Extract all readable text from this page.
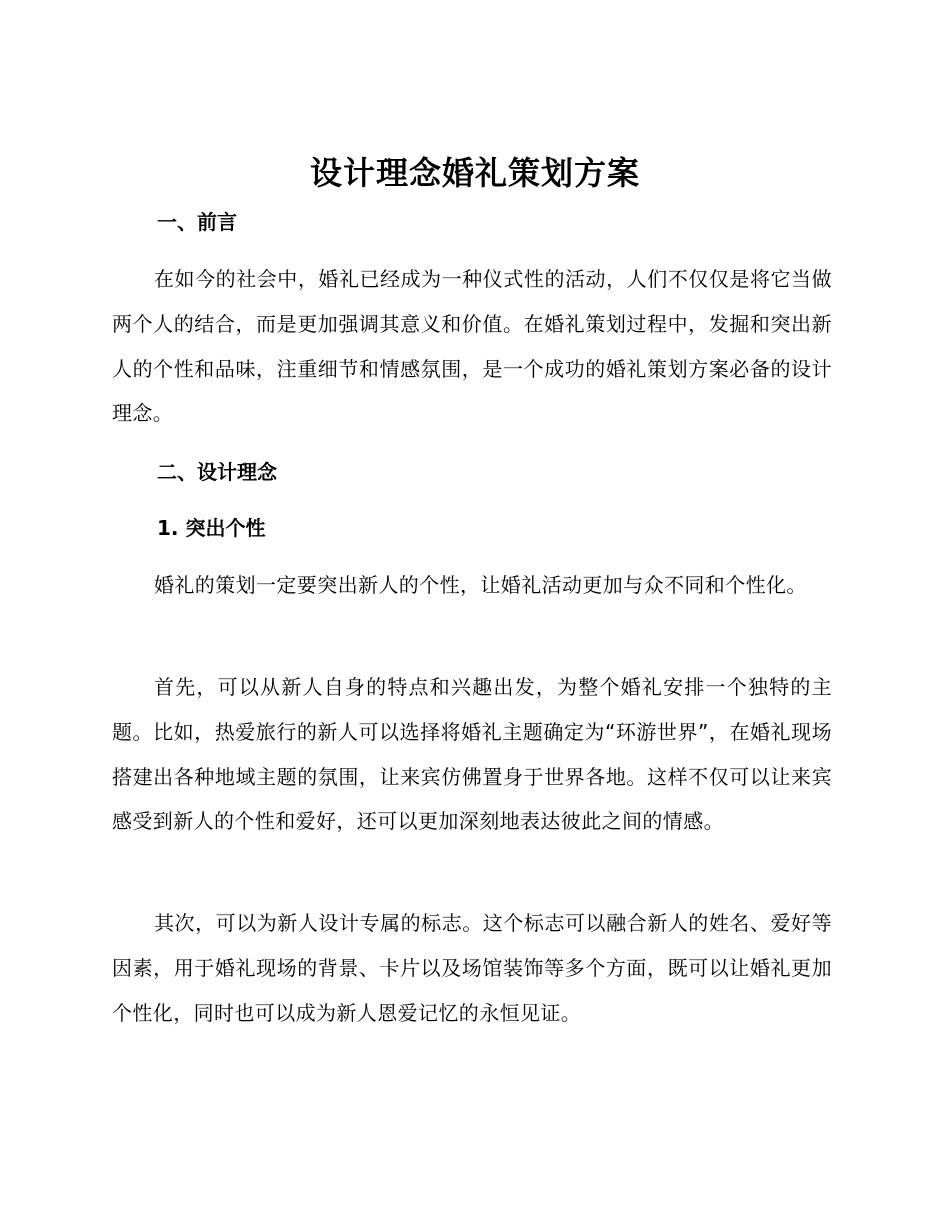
设计理念婚礼策划方案
一、前言
在如今的社会中，婚礼已经成为一种仪式性的活动，人们不仅仅是将它当做两个人的结合，而是更加强调其意义和价值。在婚礼策划过程中，发掘和突出新人的个性和品味，注重细节和情感氛围，是一个成功的婚礼策划方案必备的设计理念。
二、设计理念
1. 突出个性
婚礼的策划一定要突出新人的个性，让婚礼活动更加与众不同和个性化。
首先，可以从新人自身的特点和兴趣出发，为整个婚礼安排一个独特的主题。比如，热爱旅行的新人可以选择将婚礼主题确定为“环游世界”，在婚礼现场搭建出各种地域主题的氛围，让来宾仿佛置身于世界各地。这样不仅可以让来宾感受到新人的个性和爱好，还可以更加深刻地表达彼此之间的情感。
其次，可以为新人设计专属的标志。这个标志可以融合新人的姓名、爱好等因素，用于婚礼现场的背景、卡片以及场馆装饰等多个方面，既可以让婚礼更加个性化，同时也可以成为新人恩爱记忆的永恒见证。
